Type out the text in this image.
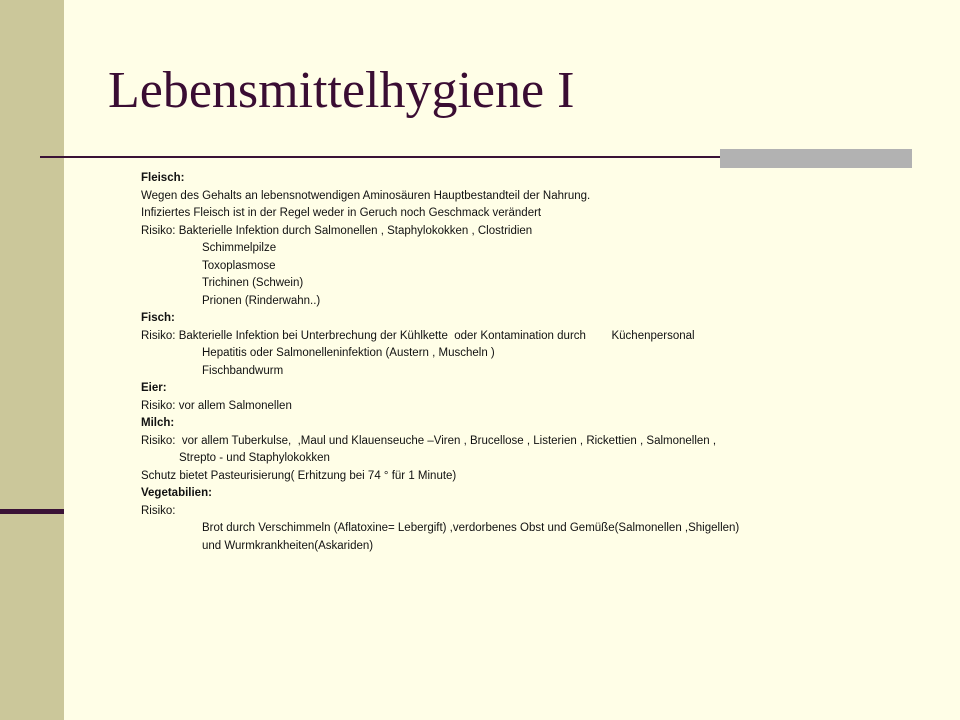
Lebensmittelhygiene I

Fleisch:

Wegen des Gehalts an lebensnotwendigen Aminosäuren Hauptbestandteil der Nahrung.

Infiziertes Fleisch ist in der Regel weder in Geruch noch Geschmack verändert

Risiko: Bakterielle Infektion durch Salmonellen , Staphylokokken , Clostridien

Schimmelpilze

Toxoplasmose

Trichinen (Schwein)

Prionen (Rinderwahn..)

Fisch:

Risiko: Bakterielle Infektion bei Unterbrechung der Kühlkette  oder Kontamination durch        Küchenpersonal

Hepatitis oder Salmonelleninfektion (Austern , Muscheln )

Fischbandwurm

Eier:

Risiko: vor allem Salmonellen

Milch:

Risiko:  vor allem Tuberkulse,  ,Maul und Klauenseuche –Viren , Brucellose , Listerien , Rickettien , Salmonellen ,

Strepto - und Staphylokokken

Schutz bietet Pasteurisierung( Erhitzung bei 74 ° für 1 Minute)

Vegetabilien:

Risiko:

Brot durch Verschimmeln (Aflatoxine= Lebergift) ,verdorbenes Obst und Gemüße(Salmonellen ,Shigellen)

und Wurmkrankheiten(Askariden)
